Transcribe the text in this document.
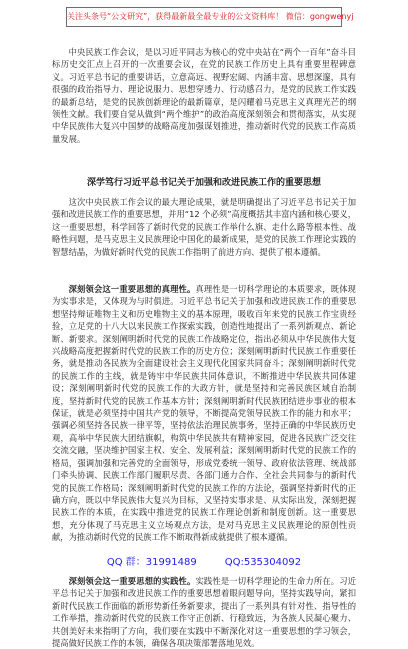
关注头条号“公文研究”，获得最新最全最专业的公文资料库！ 微信：gongwenyj

中央民族工作会议，是以习近平同志为核心的党中央站在“两个一百年”奋斗目标历史交汇点上召开的一次重要会议，在党的民族工作历史上具有重要里程碑意义。习近平总书记的重要讲话，立意高远、视野宏阔、内涵丰富、思想深邃，具有很强的政治指导力、理论说服力、思想穿透力、行动感召力，是党的民族工作实践的最新总结，是党的民族创新理论的最新篇章，是闪耀着马克思主义真理光芒的纲领性文献。我们要自觉从做到“两个维护”的政治高度深刻领会和贯彻落实，从实现中华民族伟大复兴中国梦的战略高度加强谋划推进，推动新时代党的民族工作高质量发展。

深学笃行习近平总书记关于加强和改进民族工作的重要思想

这次中央民族工作会议的最大理论成果，就是明确提出了习近平总书记关于加强和改进民族工作的重要思想，并用“12 个必须”高度概括其丰富内涵和核心要义，这一重要思想，科学回答了新时代党的民族工作举什么旗、走什么路等根本性、战略性问题，是马克思主义民族理论中国化的最新成果，是党的民族工作理论实践的智慧结晶，为做好新时代党的民族工作指明了前进方向、提供了根本遵循。

深刻领会这一重要思想的真理性。真理性是一切科学理论的本质要求，既体现为实事求是，又体现为与时俱进。习近平总书记关于加强和改进民族工作的重要思想坚持辩证唯物主义和历史唯物主义的基本原理，吸收百年来党的民族工作宝贵经验，立足党的十八大以来民族工作探索实践，创造性地提出了一系列新观点、新论断、新要求。深刻阐明新时代党的民族工作战略定位，指出必须从中华民族伟大复兴战略高度把握新时代党的民族工作的历史方位；深刻阐明新时代民族工作重要任务，就是推动各民族为全面建设社会主义现代化国家共同奋斗；深刻阐明新时代党的民族工作的主线，就是铸牢中华民族共同体意识，不断推进中华民族共同体建设；深刻阐明新时代党的民族工作的大政方针，就是坚持和完善民族区域自治制度，坚持新时代党的民族工作基本方针；深刻阐明新时代民族团结进步事业的根本保证，就是必须坚持中国共产党的领导，不断提高党领导民族工作的能力和水平；强调必须坚持各民族一律平等，坚持依法治理民族事务，坚持正确的中华民族历史观，高举中华民族大团结旗帜，构筑中华民族共有精神家园，促进各民族广泛交往交流交融，坚决维护国家主权、安全、发展利益；深刻阐明新时代党的民族工作的格局，强调加强和完善党的全面领导，形成党委统一领导、政府依法管理、统战部门牵头协调、民族工作部门履职尽责、各部门通力合作、全社会共同参与的新时代党的民族工作格局；深刻阐明新时代党的民族工作的方法论，强调坚持新时代的正确方向，既以中华民族伟大复兴为目标，又坚持实事求是、从实际出发，深刻把握民族工作的本质，在实践中推进党的民族工作理论创新和制度创新。这一重要思想，充分体现了马克思主义立场观点方法，是对马克思主义民族理论的原创性贡献，为推动新时代党的民族工作不断取得新成就提供了根本遵循。

深刻领会这一重要思想的实践性。实践性是一切科学理论的生命力所在。习近平总书记关于加强和改进民族工作的重要思想着眼问题导向，坚持实践导向，紧扣新时代民族工作面临的新形势新任务新要求，提出了一系列具有针对性、指导性的工作举措，推动新时代党的民族工作守正创新、行稳致远，为各族人民凝心聚力、共创美好未来指明了方向，我们要在实践中不断深化对这一重要思想的学习领会，提高做好民族工作的本领，确保各项决策部署落地见效。

QQ 群：31991489	QQ:535304092
